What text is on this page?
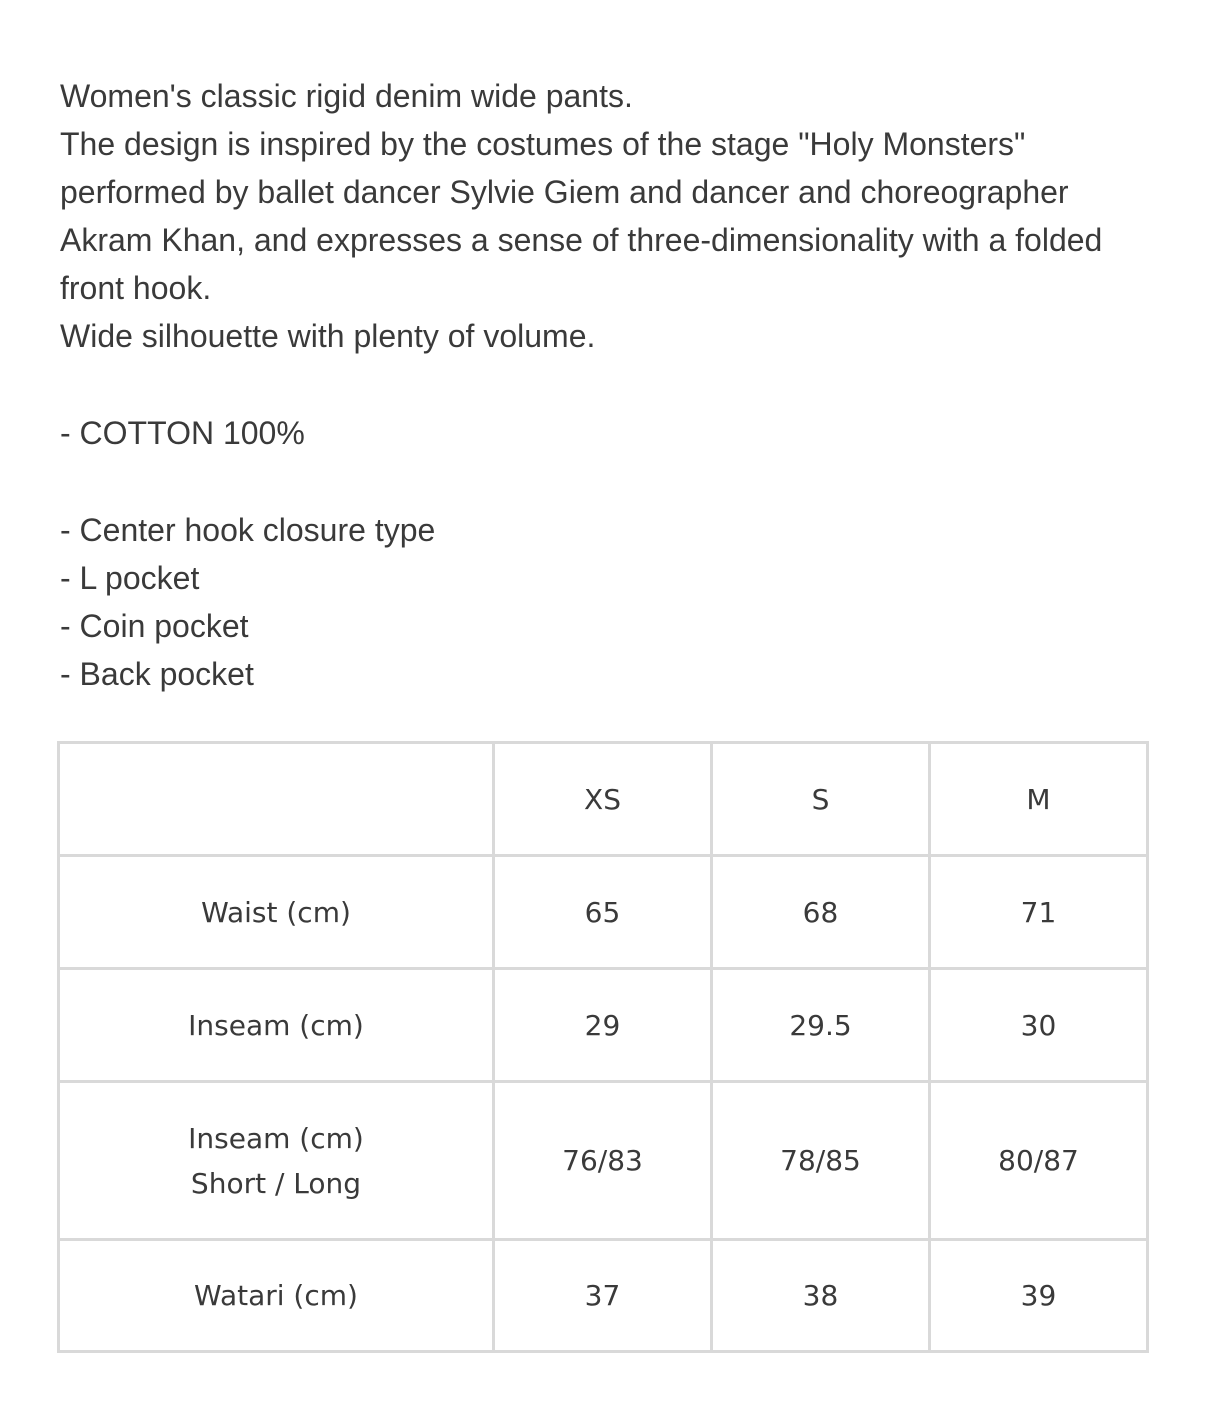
Women's classic rigid denim wide pants.

The design is inspired by the costumes of the stage "Holy Monsters" performed by ballet dancer Sylvie Giem and dancer and choreographer Akram Khan, and expresses a sense of three-dimensionality with a folded front hook.

Wide silhouette with plenty of volume.

- COTTON 100%

- Center hook closure type

- L pocket

- Coin pocket

- Back pocket

	XS	S	M

Waist (cm)	65	68	71

Inseam (cm)	29	29.5	30

Inseam (cm)
Short / Long	76/83	78/85	80/87

Watari (cm)	37	38	39
